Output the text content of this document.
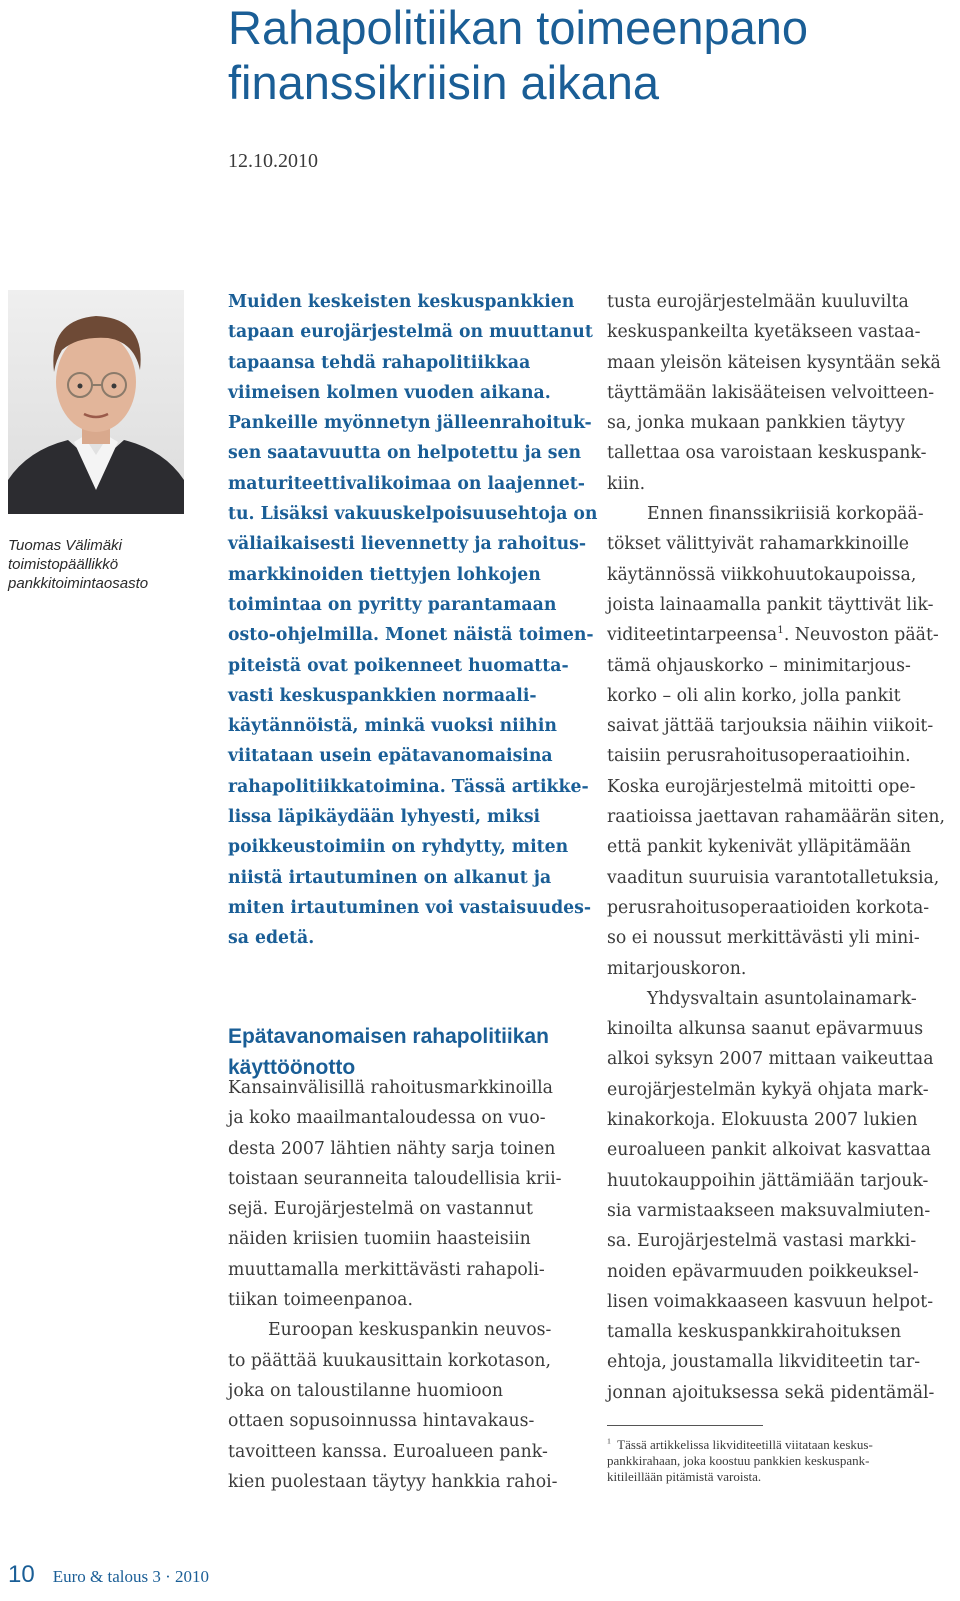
Rahapolitiikan toimeenpano
finanssikriisin aikana
12.10.2010
Tuomas Välimäki
toimistopäällikkö
pankkitoimintaosasto
Muiden keskeisten keskuspankkien
tapaan eurojärjestelmä on muuttanut
tapaansa tehdä rahapolitiikkaa
viimeisen kolmen vuoden aikana.
Pankeille myönnetyn jälleenrahoituk-
sen saatavuutta on helpotettu ja sen
maturiteettivalikoimaa on laajennet-
tu. Lisäksi vakuuskelpoisuusehtoja on
väliaikaisesti lievennetty ja rahoitus-
markkinoiden tiettyjen lohkojen
toimintaa on pyritty parantamaan
osto-ohjelmilla. Monet näistä toimen-
piteistä ovat poikenneet huomatta-
vasti keskuspankkien normaali-
käytännöistä, minkä vuoksi niihin
viitataan usein epätavanomaisina
rahapolitiikkatoimina. Tässä artikke-
lissa läpikäydään lyhyesti, miksi
poikkeustoimiin on ryhdytty, miten
niistä irtautuminen on alkanut ja
miten irtautuminen voi vastaisuudes-
sa edetä.
Epätavanomaisen rahapolitiikan
käyttöönotto
Kansainvälisillä rahoitusmarkkinoilla
ja koko maailmantaloudessa on vuo-
desta 2007 lähtien nähty sarja toinen
toistaan seuranneita taloudellisia krii-
sejä. Eurojärjestelmä on vastannut
näiden kriisien tuomiin haasteisiin
muuttamalla merkittävästi rahapoli-
tiikan toimeenpanoa.
Euroopan keskuspankin neuvos-
to päättää kuukausittain korkotason,
joka on taloustilanne huomioon
ottaen sopusoinnussa hintavakaus-
tavoitteen kanssa. Euroalueen pank-
kien puolestaan täytyy hankkia rahoi-
tusta eurojärjestelmään kuuluvilta
keskuspankeilta kyetäkseen vastaa-
maan yleisön käteisen kysyntään sekä
täyttämään lakisääteisen velvoitteen-
sa, jonka mukaan pankkien täytyy
tallettaa osa varoistaan keskuspank-
kiin.
Ennen finanssikriisiä korkopää-
tökset välittyivät rahamarkkinoille
käytännössä viikkohuutokaupoissa,
joista lainaamalla pankit täyttivät lik-
viditeetintarpeensa$^1$. Neuvoston päät-
tämä ohjauskorko – minimitarjous-
korko – oli alin korko, jolla pankit
saivat jättää tarjouksia näihin viikoit-
taisiin perusrahoitusoperaatioihin.
Koska eurojärjestelmä mitoitti ope-
raatioissa jaettavan rahamäärän siten,
että pankit kykenivät ylläpitämään
vaaditun suuruisia varantotalletuksia,
perusrahoitusoperaatioiden korkota-
so ei noussut merkittävästi yli mini-
mitarjouskoron.
Yhdysvaltain asuntolainamark-
kinoilta alkunsa saanut epävarmuus
alkoi syksyn 2007 mittaan vaikeuttaa
eurojärjestelmän kykyä ohjata mark-
kinakorkoja. Elokuusta 2007 lukien
euroalueen pankit alkoivat kasvattaa
huutokauppoihin jättämiään tarjouk-
sia varmistaakseen maksuvalmiuten-
sa. Eurojärjestelmä vastasi markki-
noiden epävarmuuden poikkeuksel-
lisen voimakkaaseen kasvuun helpot-
tamalla keskuspankkirahoituksen
ehtoja, joustamalla likviditeetin tar-
jonnan ajoituksessa sekä pidentämäl-
$^1$ Tässä artikkelissa likviditeetillä viitataan keskus-
pankkirahaan, joka koostuu pankkien keskuspank-
kitileillään pitämistä varoista.
10 Euro & talous 3 · 2010
